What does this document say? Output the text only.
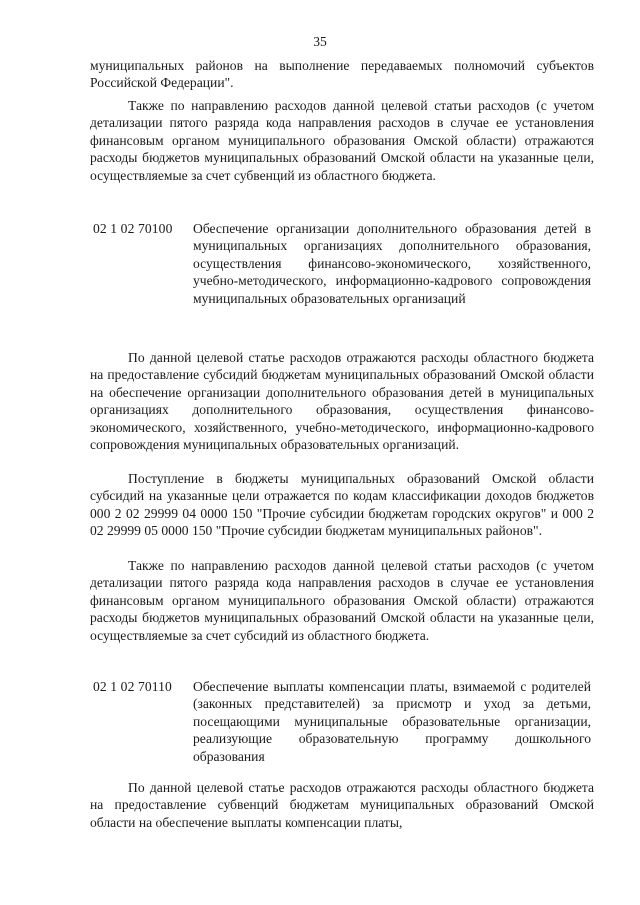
35
муниципальных районов на выполнение передаваемых полномочий субъектов Российской Федерации".
Также по направлению расходов данной целевой статьи расходов (с учетом детализации пятого разряда кода направления расходов в случае ее установления финансовым органом муниципального образования Омской области) отражаются расходы бюджетов муниципальных образований Омской области на указанные цели, осуществляемые за счет субвенций из областного бюджета.
02 1 02 70100	Обеспечение организации дополнительного образования детей в муниципальных организациях дополнительного образования, осуществления финансово-экономического, хозяйственного, учебно-методического, информационно-кадрового сопровождения муниципальных образовательных организаций
По данной целевой статье расходов отражаются расходы областного бюджета на предоставление субсидий бюджетам муниципальных образований Омской области на обеспечение организации дополнительного образования детей в муниципальных организациях дополнительного образования, осуществления финансово-экономического, хозяйственного, учебно-методического, информационно-кадрового сопровождения муниципальных образовательных организаций.
Поступление в бюджеты муниципальных образований Омской области субсидий на указанные цели отражается по кодам классификации доходов бюджетов 000 2 02 29999 04 0000 150 "Прочие субсидии бюджетам городских округов" и 000 2 02 29999 05 0000 150 "Прочие субсидии бюджетам муниципальных районов".
Также по направлению расходов данной целевой статьи расходов (с учетом детализации пятого разряда кода направления расходов в случае ее установления финансовым органом муниципального образования Омской области) отражаются расходы бюджетов муниципальных образований Омской области на указанные цели, осуществляемые за счет субсидий из областного бюджета.
02 1 02 70110	Обеспечение выплаты компенсации платы, взимаемой с родителей (законных представителей) за присмотр и уход за детьми, посещающими муниципальные образовательные организации, реализующие образовательную программу дошкольного образования
По данной целевой статье расходов отражаются расходы областного бюджета на предоставление субвенций бюджетам муниципальных образований Омской области на обеспечение выплаты компенсации платы,
